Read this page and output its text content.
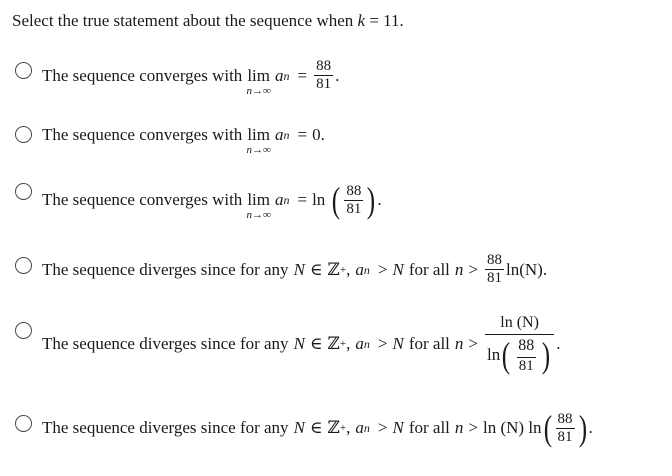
Select the true statement about the sequence when k = 11.
The sequence converges with lim
n→∞
a $n = \frac{88}{81}$ .
The sequence converges with lim
n→∞
a n = 0.
The sequence converges with lim
n→∞
a n = ln ( $\frac{88}{81}$ ) .
The sequence diverges since for any N ∈ ℤ + , a n > N for all $n > \frac{88}{81} \ln(N)$.
The sequence diverges since for any N ∈ ℤ + , a n > N for all n >
ln (N)
ln ( $\frac{88}{81}$ ) .
The sequence diverges since for any N ∈ ℤ + , a n > N for all n > ln (N) ln ( $\frac{88}{81}$ ) .
